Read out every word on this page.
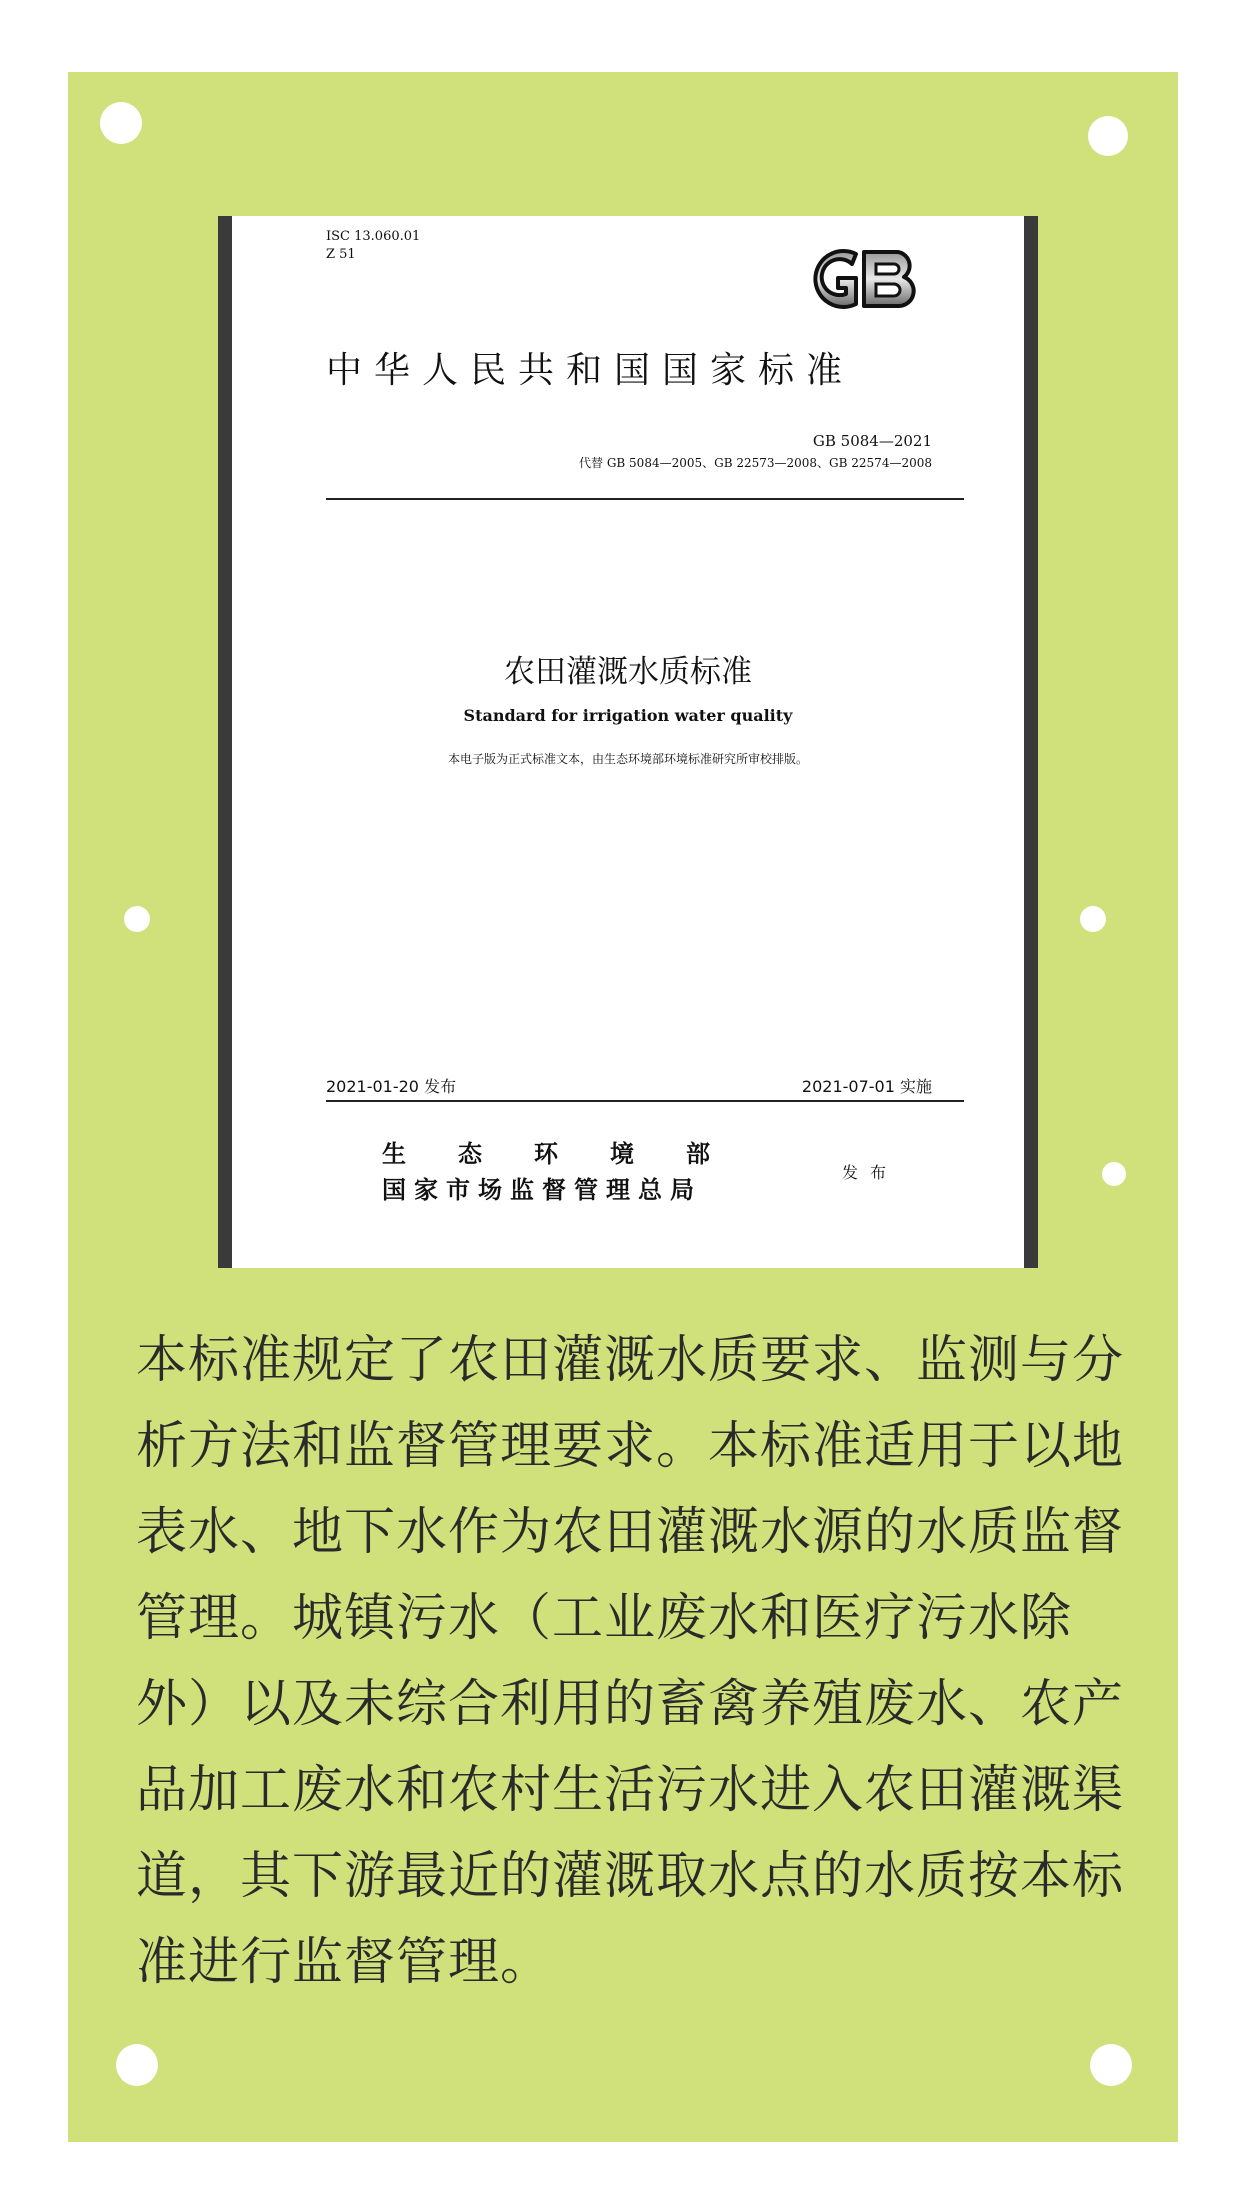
ISC 13.060.01
Z 51
中华人民共和国国家标准
GB 5084—2021
代替 GB 5084—2005、GB 22573—2008、GB 22574—2008
农田灌溉水质标准
Standard for irrigation water quality
本电子版为正式标准文本，由生态环境部环境标准研究所审校排版。
2021-01-20 发布	2021-07-01 实施
生态环境部
国家市场监督管理总局
发布
本标准规定了农田灌溉水质要求、监测与分析方法和监督管理要求。本标准适用于以地表水、地下水作为农田灌溉水源的水质监督管理。城镇污水（工业废水和医疗污水除外）以及未综合利用的畜禽养殖废水、农产品加工废水和农村生活污水进入农田灌溉渠道，其下游最近的灌溉取水点的水质按本标准进行监督管理。
